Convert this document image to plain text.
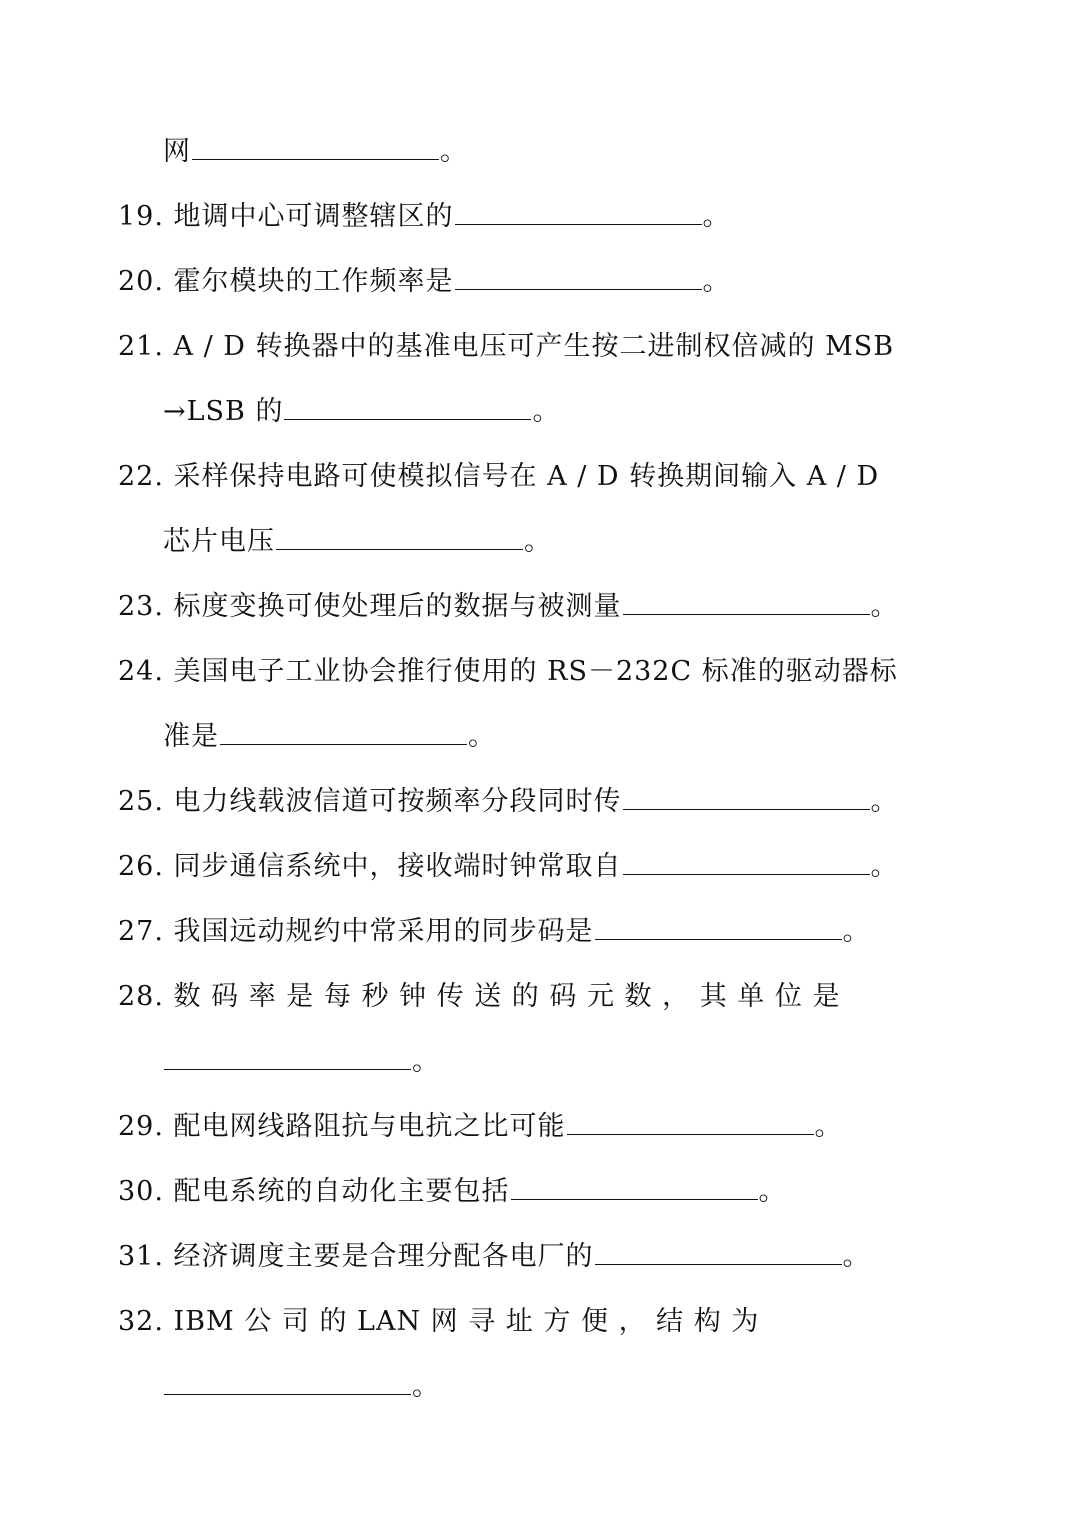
网	。
19. 地调中心可调整辖区的	。
20. 霍尔模块的工作频率是	。
21. A / D 转换器中的基准电压可产生按二进制权倍减的 MSB
→LSB 的	。
22. 采样保持电路可使模拟信号在 A / D 转换期间输入 A / D
芯片电压	。
23. 标度变换可使处理后的数据与被测量	。
24. 美国电子工业协会推行使用的 RS－232C 标准的驱动器标
准是	。
25. 电力线载波信道可按频率分段同时传	。
26. 同步通信系统中，接收端时钟常取自	。
27. 我国远动规约中常采用的同步码是	。
28. 数 码 率 是 每 秒 钟 传 送 的 码 元 数 ， 其 单 位 是
。
29. 配电网线路阻抗与电抗之比可能	。
30. 配电系统的自动化主要包括	。
31. 经济调度主要是合理分配各电厂的	。
32. IBM 公 司 的 LAN 网 寻 址 方 便 ， 结 构 为
。
